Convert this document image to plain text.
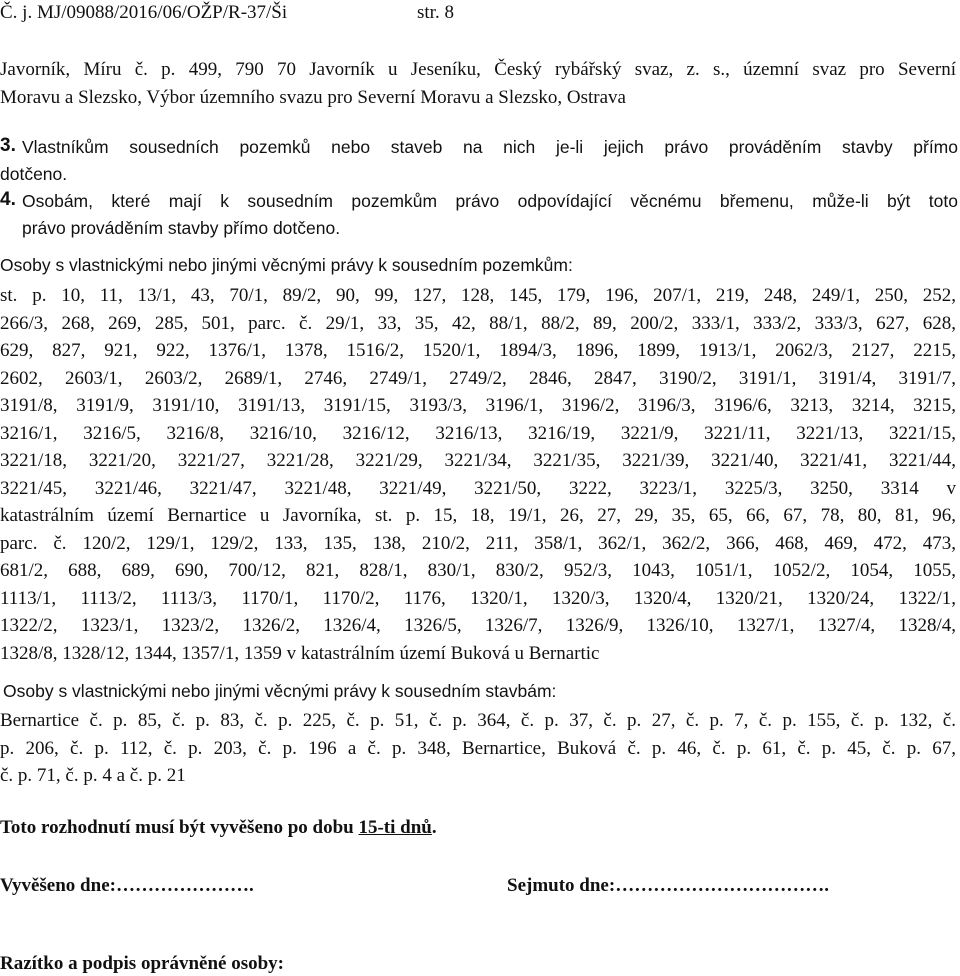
Č. j. MJ/09088/2016/06/OŽP/R-37/Ši	str. 8
Javorník, Míru č. p. 499, 790 70 Javorník u Jeseníku, Český rybářský svaz, z. s., územní svaz pro Severní
Moravu a Slezsko, Výbor územního svazu pro Severní Moravu a Slezsko, Ostrava
3. Vlastníkům sousedních pozemků nebo staveb na nich je-li jejich právo prováděním stavby přímo
dotčeno.
4. Osobám, které mají k sousedním pozemkům právo odpovídající věcnému břemenu, může-li být toto
právo prováděním stavby přímo dotčeno.
Osoby s vlastnickými nebo jinými věcnými právy k sousedním pozemkům:
st. p. 10, 11, 13/1, 43, 70/1, 89/2, 90, 99, 127, 128, 145, 179, 196, 207/1, 219, 248, 249/1, 250, 252,
266/3, 268, 269, 285, 501, parc. č. 29/1, 33, 35, 42, 88/1, 88/2, 89, 200/2, 333/1, 333/2, 333/3, 627, 628,
629, 827, 921, 922, 1376/1, 1378, 1516/2, 1520/1, 1894/3, 1896, 1899, 1913/1, 2062/3, 2127, 2215,
2602, 2603/1, 2603/2, 2689/1, 2746, 2749/1, 2749/2, 2846, 2847, 3190/2, 3191/1, 3191/4, 3191/7,
3191/8, 3191/9, 3191/10, 3191/13, 3191/15, 3193/3, 3196/1, 3196/2, 3196/3, 3196/6, 3213, 3214, 3215,
3216/1, 3216/5, 3216/8, 3216/10, 3216/12, 3216/13, 3216/19, 3221/9, 3221/11, 3221/13, 3221/15,
3221/18, 3221/20, 3221/27, 3221/28, 3221/29, 3221/34, 3221/35, 3221/39, 3221/40, 3221/41, 3221/44,
3221/45, 3221/46, 3221/47, 3221/48, 3221/49, 3221/50, 3222, 3223/1, 3225/3, 3250, 3314 v
katastrálním území Bernartice u Javorníka, st. p. 15, 18, 19/1, 26, 27, 29, 35, 65, 66, 67, 78, 80, 81, 96,
parc. č. 120/2, 129/1, 129/2, 133, 135, 138, 210/2, 211, 358/1, 362/1, 362/2, 366, 468, 469, 472, 473,
681/2, 688, 689, 690, 700/12, 821, 828/1, 830/1, 830/2, 952/3, 1043, 1051/1, 1052/2, 1054, 1055,
1113/1, 1113/2, 1113/3, 1170/1, 1170/2, 1176, 1320/1, 1320/3, 1320/4, 1320/21, 1320/24, 1322/1,
1322/2, 1323/1, 1323/2, 1326/2, 1326/4, 1326/5, 1326/7, 1326/9, 1326/10, 1327/1, 1327/4, 1328/4,
1328/8, 1328/12, 1344, 1357/1, 1359 v katastrálním území Buková u Bernartic
Osoby s vlastnickými nebo jinými věcnými právy k sousedním stavbám:
Bernartice č. p. 85, č. p. 83, č. p. 225, č. p. 51, č. p. 364, č. p. 37, č. p. 27, č. p. 7, č. p. 155, č. p. 132, č.
p. 206, č. p. 112, č. p. 203, č. p. 196 a č. p. 348, Bernartice, Buková č. p. 46, č. p. 61, č. p. 45, č. p. 67,
č. p. 71, č. p. 4 a č. p. 21
Toto rozhodnutí musí být vyvěšeno po dobu 15-ti dnů.
Vyvěšeno dne:………………….	Sejmuto dne:…………………………….
Razítko a podpis oprávněné osoby:
